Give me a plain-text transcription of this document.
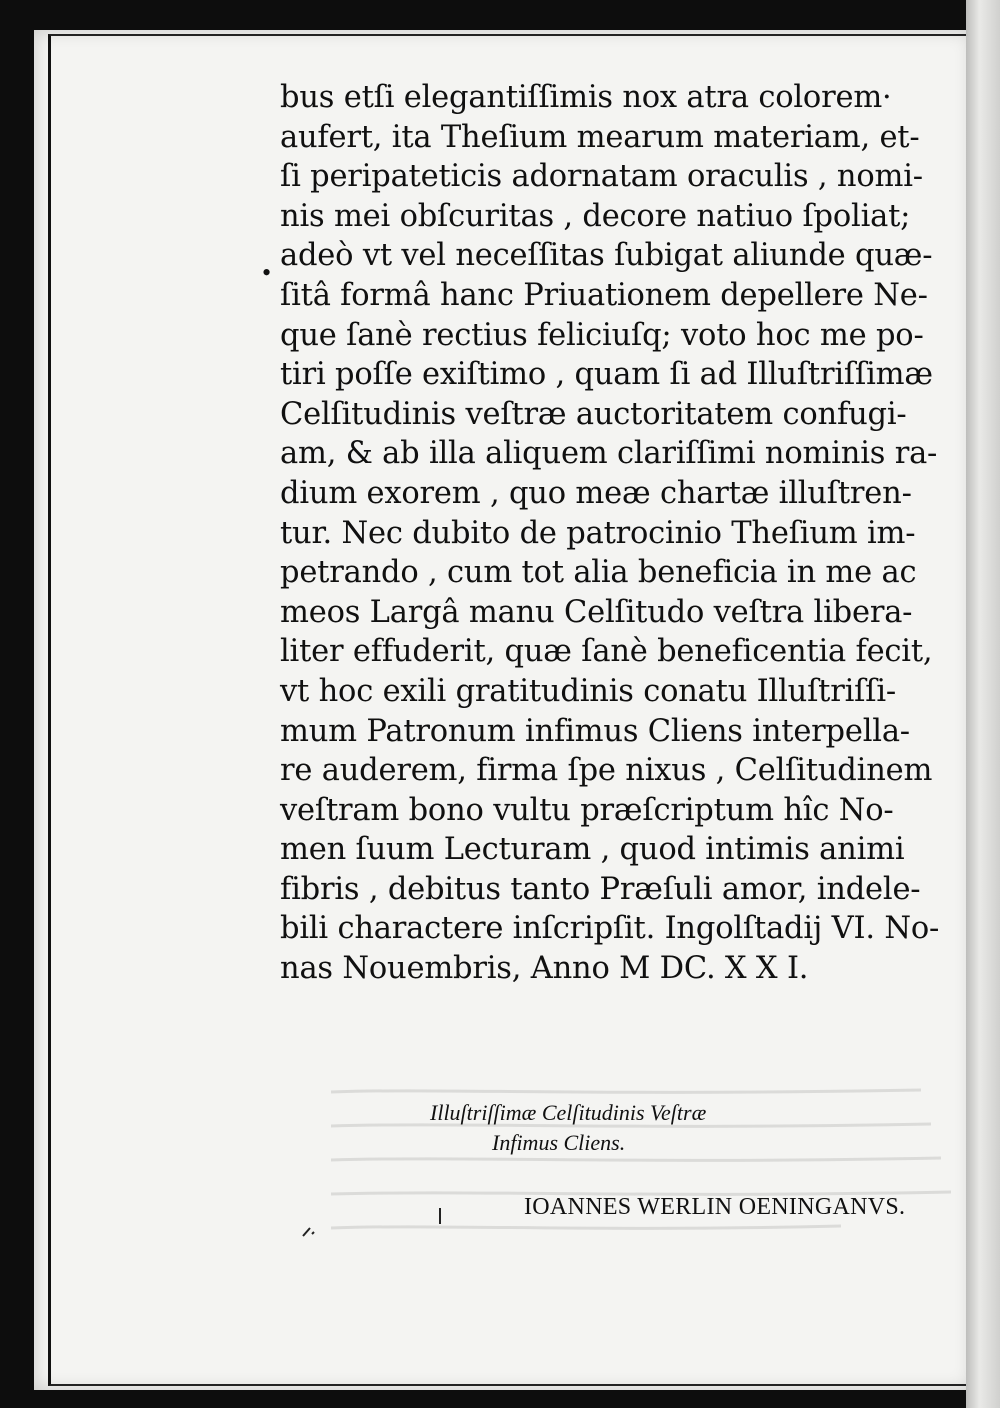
•
bus etſi elegantiſſimis nox atra colorem·
aufert, ita Theſium mearum materiam, et-
ſi peripateticis adornatam oraculis , nomi-
nis mei obſcuritas , decore natiuo ſpoliat;
adeò vt vel neceſſitas ſubigat aliunde quæ-
ſitâ formâ hanc Priuationem depellere Ne-
que ſanè rectius feliciuſq; voto hoc me po-
tiri poſſe exiſtimo , quam ſi ad Illuſtriſſimæ
Celſitudinis veſtræ auctoritatem confugi-
am, & ab illa aliquem clariſſimi nominis ra-
dium exorem , quo meæ chartæ illuſtren-
tur. Nec dubito de patrocinio Theſium im-
petrando , cum tot alia beneficia in me ac
meos Largâ manu Celſitudo veſtra libera-
liter effuderit, quæ ſanè beneficentia fecit,
vt hoc exili gratitudinis conatu Illuſtriſſi-
mum Patronum infimus Cliens interpella-
re auderem, firma ſpe nixus , Celſitudinem
veſtram bono vultu præſcriptum hîc No-
men ſuum Lecturam , quod intimis animi
fibris , debitus tanto Præſuli amor, indele-
bili charactere inſcripſit. Ingolſtadij VI. No-
nas Nouembris, Anno M DC. X X I.
Illuſtriſſimæ Celſitudinis Veſtræ
Infimus Cliens.
IOANNES WERLIN OENINGANVS.
